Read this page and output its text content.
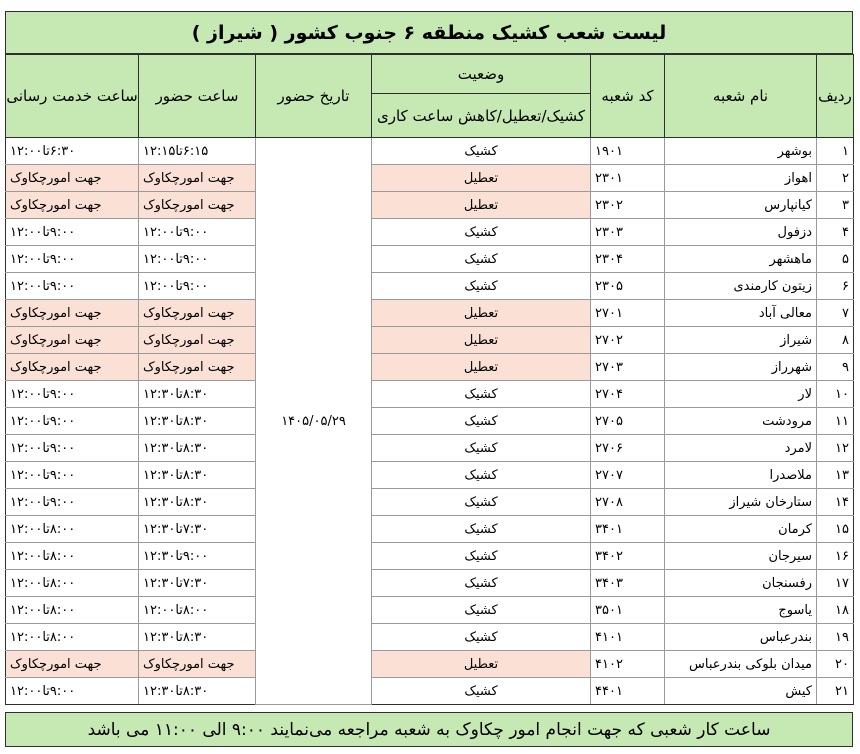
لیست شعب کشیک منطقه ۶ جنوب کشور ( شیراز )
ردیف	نام شعبه	کد شعبه	وضعیت	تاریخ حضور	ساعت حضور	ساعت خدمت رسانی
			کشیک/تعطیل/کاهش ساعت کاری			
۱	بوشهر	۱۹۰۱	کشیک	۱۴۰۵/۰۵/۲۹	۶:۱۵تا۱۲:۱۵	۶:۳۰تا۱۲:۰۰
۲	اهواز	۲۳۰۱	تعطیل		جهت امورچکاوک	جهت امورچکاوک
۳	کیانپارس	۲۳۰۲	تعطیل		جهت امورچکاوک	جهت امورچکاوک
۴	دزفول	۲۳۰۳	کشیک		۹:۰۰تا۱۲:۰۰	۹:۰۰تا۱۲:۰۰
۵	ماهشهر	۲۳۰۴	کشیک		۹:۰۰تا۱۲:۰۰	۹:۰۰تا۱۲:۰۰
۶	زیتون کارمندی	۲۳۰۵	کشیک		۹:۰۰تا۱۲:۰۰	۹:۰۰تا۱۲:۰۰
۷	معالی آباد	۲۷۰۱	تعطیل		جهت امورچکاوک	جهت امورچکاوک
۸	شیراز	۲۷۰۲	تعطیل		جهت امورچکاوک	جهت امورچکاوک
۹	شهرراز	۲۷۰۳	تعطیل		جهت امورچکاوک	جهت امورچکاوک
۱۰	لار	۲۷۰۴	کشیک		۸:۳۰تا۱۲:۳۰	۹:۰۰تا۱۲:۰۰
۱۱	مرودشت	۲۷۰۵	کشیک		۸:۳۰تا۱۲:۳۰	۹:۰۰تا۱۲:۰۰
۱۲	لامرد	۲۷۰۶	کشیک		۸:۳۰تا۱۲:۳۰	۹:۰۰تا۱۲:۰۰
۱۳	ملاصدرا	۲۷۰۷	کشیک		۸:۳۰تا۱۲:۳۰	۹:۰۰تا۱۲:۰۰
۱۴	ستارخان شیراز	۲۷۰۸	کشیک		۸:۳۰تا۱۲:۳۰	۹:۰۰تا۱۲:۰۰
۱۵	کرمان	۳۴۰۱	کشیک		۷:۳۰تا۱۲:۳۰	۸:۰۰تا۱۲:۰۰
۱۶	سیرجان	۳۴۰۲	کشیک		۹:۰۰تا۱۲:۳۰	۸:۰۰تا۱۲:۰۰
۱۷	رفسنجان	۳۴۰۳	کشیک		۷:۳۰تا۱۲:۳۰	۸:۰۰تا۱۲:۰۰
۱۸	یاسوج	۳۵۰۱	کشیک		۸:۰۰تا۱۲:۰۰	۸:۰۰تا۱۲:۰۰
۱۹	بندرعباس	۴۱۰۱	کشیک		۸:۳۰تا۱۲:۳۰	۸:۰۰تا۱۲:۰۰
۲۰	میدان بلوکی بندرعباس	۴۱۰۲	تعطیل		جهت امورچکاوک	جهت امورچکاوک
۲۱	کیش	۴۴۰۱	کشیک		۸:۳۰تا۱۲:۳۰	۹:۰۰تا۱۲:۰۰
ساعت کار شعبی که جهت انجام امور چکاوک به شعبه مراجعه می‌نمایند ۹:۰۰ الی ۱۱:۰۰ می باشد
